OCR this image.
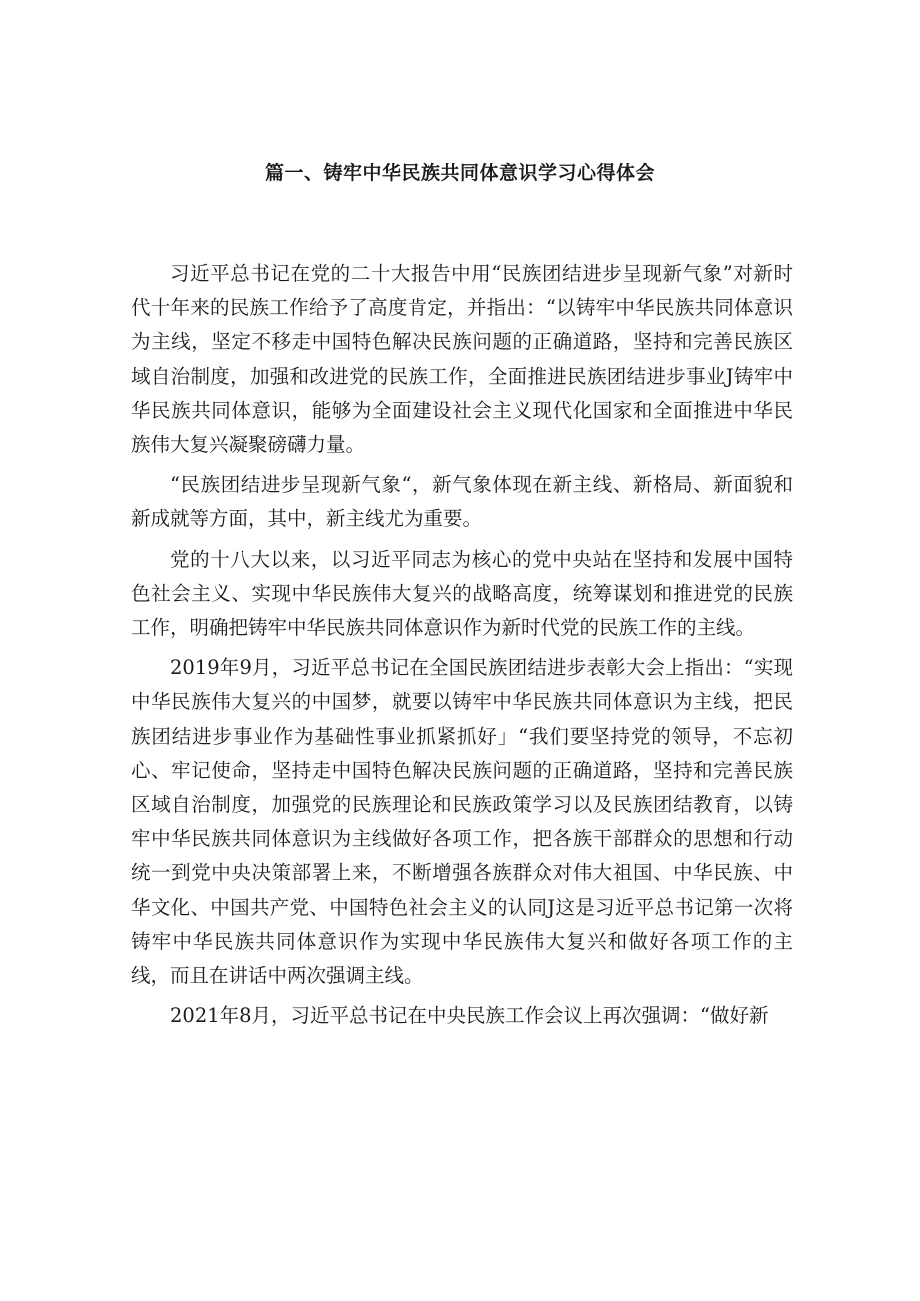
篇一、铸牢中华民族共同体意识学习心得体会

习近平总书记在党的二十大报告中用“民族团结进步呈现新气象”对新时代十年来的民族工作给予了高度肯定，并指出：“以铸牢中华民族共同体意识为主线，坚定不移走中国特色解决民族问题的正确道路，坚持和完善民族区域自治制度，加强和改进党的民族工作，全面推进民族团结进步事业J铸牢中华民族共同体意识，能够为全面建设社会主义现代化国家和全面推进中华民族伟大复兴凝聚磅礴力量。

“民族团结进步呈现新气象“，新气象体现在新主线、新格局、新面貌和新成就等方面，其中，新主线尤为重要。

党的十八大以来，以习近平同志为核心的党中央站在坚持和发展中国特色社会主义、实现中华民族伟大复兴的战略高度，统筹谋划和推进党的民族工作，明确把铸牢中华民族共同体意识作为新时代党的民族工作的主线。

2019年9月，习近平总书记在全国民族团结进步表彰大会上指出：“实现中华民族伟大复兴的中国梦，就要以铸牢中华民族共同体意识为主线，把民族团结进步事业作为基础性事业抓紧抓好」“我们要坚持党的领导，不忘初心、牢记使命，坚持走中国特色解决民族问题的正确道路，坚持和完善民族区域自治制度，加强党的民族理论和民族政策学习以及民族团结教育，以铸牢中华民族共同体意识为主线做好各项工作，把各族干部群众的思想和行动统一到党中央决策部署上来，不断增强各族群众对伟大祖国、中华民族、中华文化、中国共产党、中国特色社会主义的认同J这是习近平总书记第一次将铸牢中华民族共同体意识作为实现中华民族伟大复兴和做好各项工作的主线，而且在讲话中两次强调主线。

2021年8月，习近平总书记在中央民族工作会议上再次强调：“做好新
